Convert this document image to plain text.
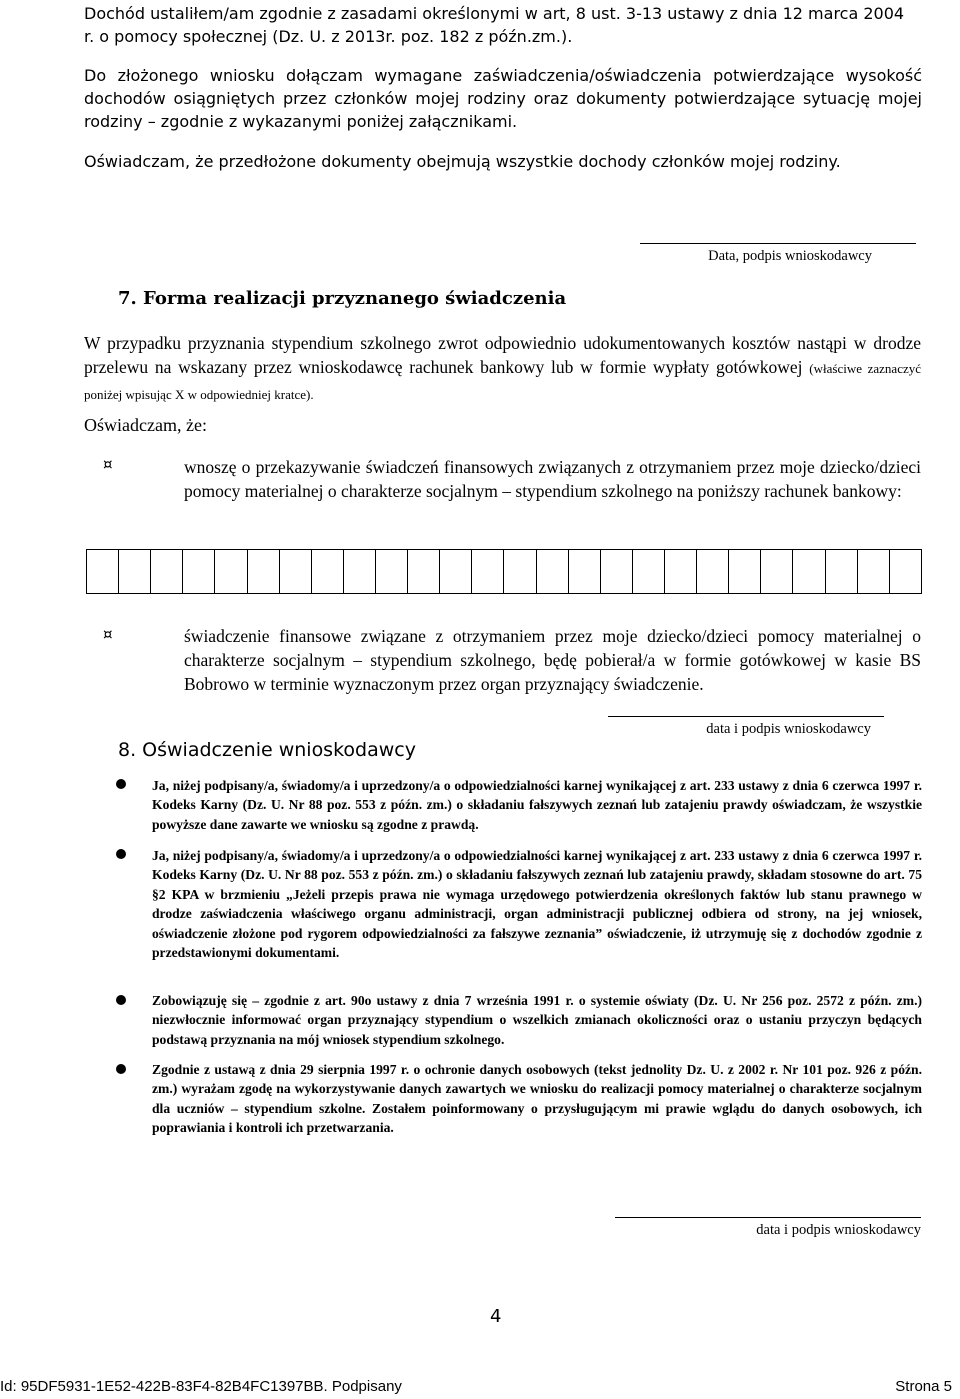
Dochód ustaliłem/am zgodnie z zasadami określonymi w art, 8 ust. 3-13 ustawy z dnia 12 marca 2004
r. o pomocy społecznej (Dz. U. z 2013r. poz. 182 z późn.zm.).
Do złożonego wniosku dołączam wymagane zaświadczenia/oświadczenia potwierdzające wysokość dochodów osiągniętych przez członków mojej rodziny oraz dokumenty potwierdzające sytuację mojej rodziny – zgodnie z wykazanymi poniżej załącznikami.
Oświadczam, że przedłożone dokumenty obejmują wszystkie dochody członków mojej rodziny.
Data, podpis wnioskodawcy
7. Forma realizacji przyznanego świadczenia
W przypadku przyznania stypendium szkolnego zwrot odpowiednio udokumentowanych kosztów nastąpi w drodze przelewu na wskazany przez wnioskodawcę rachunek bankowy lub w formie wypłaty gotówkowej (właściwe zaznaczyć poniżej wpisując X w odpowiedniej kratce).
Oświadczam, że:
¤	wnoszę o przekazywanie świadczeń finansowych związanych z otrzymaniem przez moje dziecko/dzieci pomocy materialnej o charakterze socjalnym – stypendium szkolnego na poniższy rachunek bankowy:
¤	świadczenie finansowe związane z otrzymaniem przez moje dziecko/dzieci pomocy materialnej o charakterze socjalnym – stypendium szkolnego, będę pobierał/a w formie gotówkowej w kasie BS Bobrowo w terminie wyznaczonym przez organ przyznający świadczenie.
data i podpis wnioskodawcy
8. Oświadczenie wnioskodawcy
Ja, niżej podpisany/a, świadomy/a i uprzedzony/a o odpowiedzialności karnej wynikającej z art. 233 ustawy z dnia 6 czerwca 1997 r. Kodeks Karny (Dz. U. Nr 88 poz. 553 z późn. zm.) o składaniu fałszywych zeznań lub zatajeniu prawdy oświadczam, że wszystkie powyższe dane zawarte we wniosku są zgodne z prawdą.
Ja, niżej podpisany/a, świadomy/a i uprzedzony/a o odpowiedzialności karnej wynikającej z art. 233 ustawy z dnia 6 czerwca 1997 r. Kodeks Karny (Dz. U. Nr 88 poz. 553 z późn. zm.) o składaniu fałszywych zeznań lub zatajeniu prawdy, składam stosowne do art. 75 §2 KPA w brzmieniu „Jeżeli przepis prawa nie wymaga urzędowego potwierdzenia określonych faktów lub stanu prawnego w drodze zaświadczenia właściwego organu administracji, organ administracji publicznej odbiera od strony, na jej wniosek, oświadczenie złożone pod rygorem odpowiedzialności za fałszywe zeznania” oświadczenie, iż utrzymuję się z dochodów zgodnie z przedstawionymi dokumentami.
Zobowiązuję się – zgodnie z art. 90o ustawy z dnia 7 września 1991 r. o systemie oświaty (Dz. U. Nr 256 poz. 2572 z późn. zm.) niezwłocznie informować organ przyznający stypendium o wszelkich zmianach okoliczności oraz o ustaniu przyczyn będących podstawą przyznania na mój wniosek stypendium szkolnego.
Zgodnie z ustawą z dnia 29 sierpnia 1997 r. o ochronie danych osobowych (tekst jednolity Dz. U. z 2002 r. Nr 101 poz. 926 z późn. zm.) wyrażam zgodę na wykorzystywanie danych zawartych we wniosku do realizacji pomocy materialnej o charakterze socjalnym dla uczniów – stypendium szkolne. Zostałem poinformowany o przysługującym mi prawie wglądu do danych osobowych, ich poprawiania i kontroli ich przetwarzania.
data i podpis wnioskodawcy
4
Id: 95DF5931-1E52-422B-83F4-82B4FC1397BB. Podpisany	Strona 5
